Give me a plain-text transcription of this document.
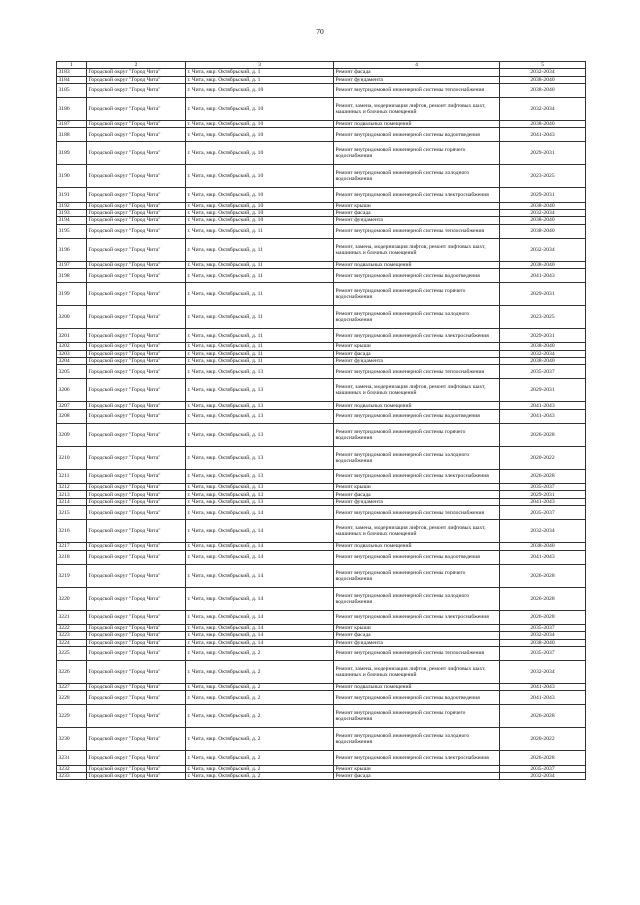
70
1	2	3	4	5
3183	Городской округ "Город Чита"	г. Чита, мкр. Октябрьский, д. 1	Ремонт фасада	2032-2034
3184	Городской округ "Город Чита"	г. Чита, мкр. Октябрьский, д. 1	Ремонт фундамента	2038-2040
3185	Городской округ "Город Чита"	г. Чита, мкр. Октябрьский, д. 10	Ремонт внутридомовой инженерной системы теплоснабжения	2038-2040
3186	Городской округ "Город Чита"	г. Чита, мкр. Октябрьский, д. 10	Ремонт, замена, модернизация лифтов, ремонт лифтовых шахт, машинных и блочных помещений	2032-2034
3187	Городской округ "Город Чита"	г. Чита, мкр. Октябрьский, д. 10	Ремонт подвальных помещений	2038-2040
3188	Городской округ "Город Чита"	г. Чита, мкр. Октябрьский, д. 10	Ремонт внутридомовой инженерной системы водоотведения	2041-2043
3189	Городской округ "Город Чита"	г. Чита, мкр. Октябрьский, д. 10	Ремонт внутридомовой инженерной системы горячего водоснабжения	2029-2031
3190	Городской округ "Город Чита"	г. Чита, мкр. Октябрьский, д. 10	Ремонт внутридомовой инженерной системы холодного водоснабжения	2023-2025
3191	Городской округ "Город Чита"	г. Чита, мкр. Октябрьский, д. 10	Ремонт внутридомовой инженерной системы электроснабжения	2029-2031
3192	Городской округ "Город Чита"	г. Чита, мкр. Октябрьский, д. 10	Ремонт крыши	2038-2040
3193	Городской округ "Город Чита"	г. Чита, мкр. Октябрьский, д. 10	Ремонт фасада	2032-2034
3194	Городской округ "Город Чита"	г. Чита, мкр. Октябрьский, д. 10	Ремонт фундамента	2038-2040
3195	Городской округ "Город Чита"	г. Чита, мкр. Октябрьский, д. 11	Ремонт внутридомовой инженерной системы теплоснабжения	2038-2040
3196	Городской округ "Город Чита"	г. Чита, мкр. Октябрьский, д. 11	Ремонт, замена, модернизация лифтов, ремонт лифтовых шахт, машинных и блочных помещений	2032-2034
3197	Городской округ "Город Чита"	г. Чита, мкр. Октябрьский, д. 11	Ремонт подвальных помещений	2038-2040
3198	Городской округ "Город Чита"	г. Чита, мкр. Октябрьский, д. 11	Ремонт внутридомовой инженерной системы водоотведения	2041-2043
3199	Городской округ "Город Чита"	г. Чита, мкр. Октябрьский, д. 11	Ремонт внутридомовой инженерной системы горячего водоснабжения	2029-2031
3200	Городской округ "Город Чита"	г. Чита, мкр. Октябрьский, д. 11	Ремонт внутридомовой инженерной системы холодного водоснабжения	2023-2025
3201	Городской округ "Город Чита"	г. Чита, мкр. Октябрьский, д. 11	Ремонт внутридомовой инженерной системы электроснабжения	2029-2031
3202	Городской округ "Город Чита"	г. Чита, мкр. Октябрьский, д. 11	Ремонт крыши	2038-2040
3203	Городской округ "Город Чита"	г. Чита, мкр. Октябрьский, д. 11	Ремонт фасада	2032-2034
3204	Городской округ "Город Чита"	г. Чита, мкр. Октябрьский, д. 11	Ремонт фундамента	2038-2040
3205	Городской округ "Город Чита"	г. Чита, мкр. Октябрьский, д. 13	Ремонт внутридомовой инженерной системы теплоснабжения	2035-2037
3206	Городской округ "Город Чита"	г. Чита, мкр. Октябрьский, д. 13	Ремонт, замена, модернизация лифтов, ремонт лифтовых шахт, машинных и блочных помещений	2029-2031
3207	Городской округ "Город Чита"	г. Чита, мкр. Октябрьский, д. 13	Ремонт подвальных помещений	2041-2043
3208	Городской округ "Город Чита"	г. Чита, мкр. Октябрьский, д. 13	Ремонт внутридомовой инженерной системы водоотведения	2041-2043
3209	Городской округ "Город Чита"	г. Чита, мкр. Октябрьский, д. 13	Ремонт внутридомовой инженерной системы горячего водоснабжения	2026-2028
3210	Городской округ "Город Чита"	г. Чита, мкр. Октябрьский, д. 13	Ремонт внутридомовой инженерной системы холодного водоснабжения	2020-2022
3211	Городской округ "Город Чита"	г. Чита, мкр. Октябрьский, д. 13	Ремонт внутридомовой инженерной системы электроснабжения	2026-2028
3212	Городской округ "Город Чита"	г. Чита, мкр. Октябрьский, д. 13	Ремонт крыши	2035-2037
3213	Городской округ "Город Чита"	г. Чита, мкр. Октябрьский, д. 13	Ремонт фасада	2029-2031
3214	Городской округ "Город Чита"	г. Чита, мкр. Октябрьский, д. 13	Ремонт фундамента	2041-2043
3215	Городской округ "Город Чита"	г. Чита, мкр. Октябрьский, д. 14	Ремонт внутридомовой инженерной системы теплоснабжения	2035-2037
3216	Городской округ "Город Чита"	г. Чита, мкр. Октябрьский, д. 14	Ремонт, замена, модернизация лифтов, ремонт лифтовых шахт, машинных и блочных помещений	2032-2034
3217	Городской округ "Город Чита"	г. Чита, мкр. Октябрьский, д. 14	Ремонт подвальных помещений	2038-2040
3218	Городской округ "Город Чита"	г. Чита, мкр. Октябрьский, д. 14	Ремонт внутридомовой инженерной системы водоотведения	2041-2043
3219	Городской округ "Город Чита"	г. Чита, мкр. Октябрьский, д. 14	Ремонт внутридомовой инженерной системы горячего водоснабжения	2026-2028
3220	Городской округ "Город Чита"	г. Чита, мкр. Октябрьский, д. 14	Ремонт внутридомовой инженерной системы холодного водоснабжения	2026-2028
3221	Городской округ "Город Чита"	г. Чита, мкр. Октябрьский, д. 14	Ремонт внутридомовой инженерной системы электроснабжения	2026-2028
3222	Городской округ "Город Чита"	г. Чита, мкр. Октябрьский, д. 14	Ремонт крыши	2035-2037
3223	Городской округ "Город Чита"	г. Чита, мкр. Октябрьский, д. 14	Ремонт фасада	2032-2034
3224	Городской округ "Город Чита"	г. Чита, мкр. Октябрьский, д. 14	Ремонт фундамента	2038-2040
3225	Городской округ "Город Чита"	г. Чита, мкр. Октябрьский, д. 2	Ремонт внутридомовой инженерной системы теплоснабжения	2035-2037
3226	Городской округ "Город Чита"	г. Чита, мкр. Октябрьский, д. 2	Ремонт, замена, модернизация лифтов, ремонт лифтовых шахт, машинных и блочных помещений	2032-2034
3227	Городской округ "Город Чита"	г. Чита, мкр. Октябрьский, д. 2	Ремонт подвальных помещений	2041-2043
3228	Городской округ "Город Чита"	г. Чита, мкр. Октябрьский, д. 2	Ремонт внутридомовой инженерной системы водоотведения	2041-2043
3229	Городской округ "Город Чита"	г. Чита, мкр. Октябрьский, д. 2	Ремонт внутридомовой инженерной системы горячего водоснабжения	2026-2028
3230	Городской округ "Город Чита"	г. Чита, мкр. Октябрьский, д. 2	Ремонт внутридомовой инженерной системы холодного водоснабжения	2020-2022
3231	Городской округ "Город Чита"	г. Чита, мкр. Октябрьский, д. 2	Ремонт внутридомовой инженерной системы электроснабжения	2026-2028
3232	Городской округ "Город Чита"	г. Чита, мкр. Октябрьский, д. 2	Ремонт крыши	2035-2037
3233	Городской округ "Город Чита"	г. Чита, мкр. Октябрьский, д. 2	Ремонт фасада	2032-2034
